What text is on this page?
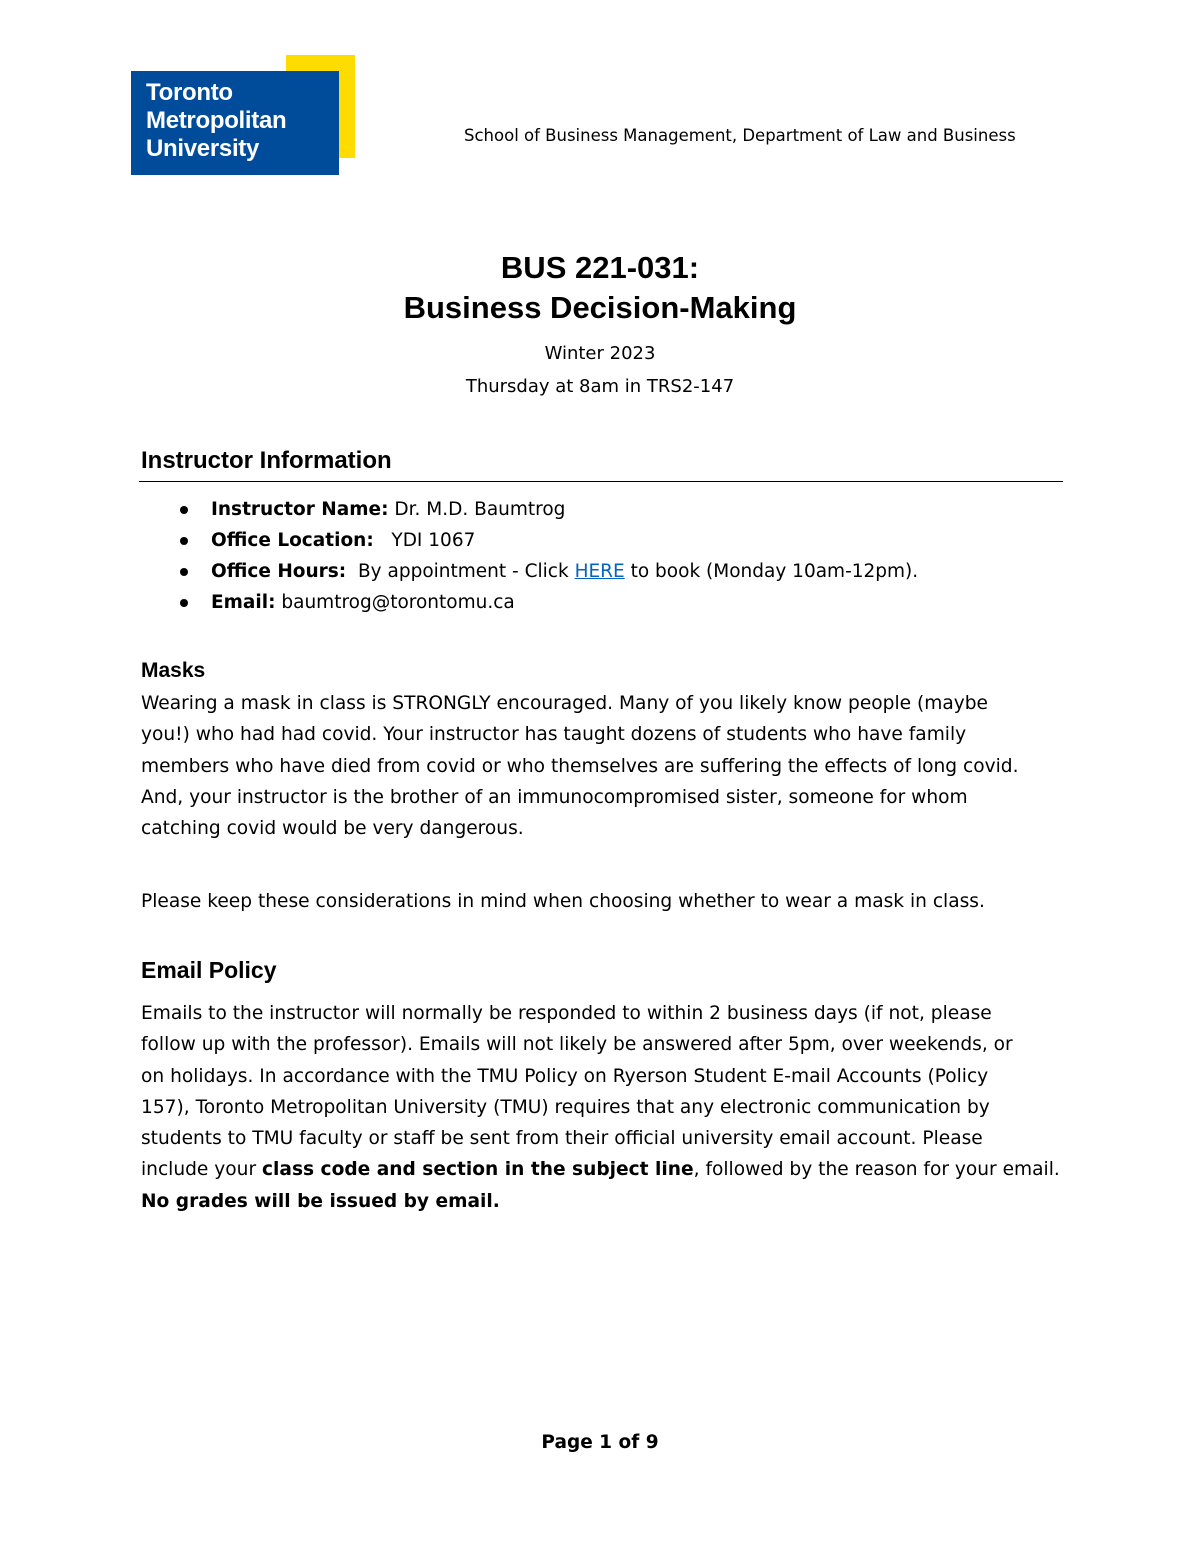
Toronto
Metropolitan
University	School of Business Management, Department of Law and Business
BUS 221-031:
Business Decision-Making
Winter 2023
Thursday at 8am in TRS2-147
Instructor Information
Instructor Name: Dr. M.D. Baumtrog
Office Location: YDI 1067
Office Hours: By appointment - Click HERE to book (Monday 10am-12pm).
Email: baumtrog@torontomu.ca
Masks
Wearing a mask in class is STRONGLY encouraged. Many of you likely know people (maybe
you!) who had had covid. Your instructor has taught dozens of students who have family
members who have died from covid or who themselves are suffering the effects of long covid.
And, your instructor is the brother of an immunocompromised sister, someone for whom
catching covid would be very dangerous.
Please keep these considerations in mind when choosing whether to wear a mask in class.
Email Policy
Emails to the instructor will normally be responded to within 2 business days (if not, please
follow up with the professor). Emails will not likely be answered after 5pm, over weekends, or
on holidays. In accordance with the TMU Policy on Ryerson Student E-mail Accounts (Policy
157), Toronto Metropolitan University (TMU) requires that any electronic communication by
students to TMU faculty or staff be sent from their official university email account. Please
include your class code and section in the subject line, followed by the reason for your email.
No grades will be issued by email.
Page 1 of 9
